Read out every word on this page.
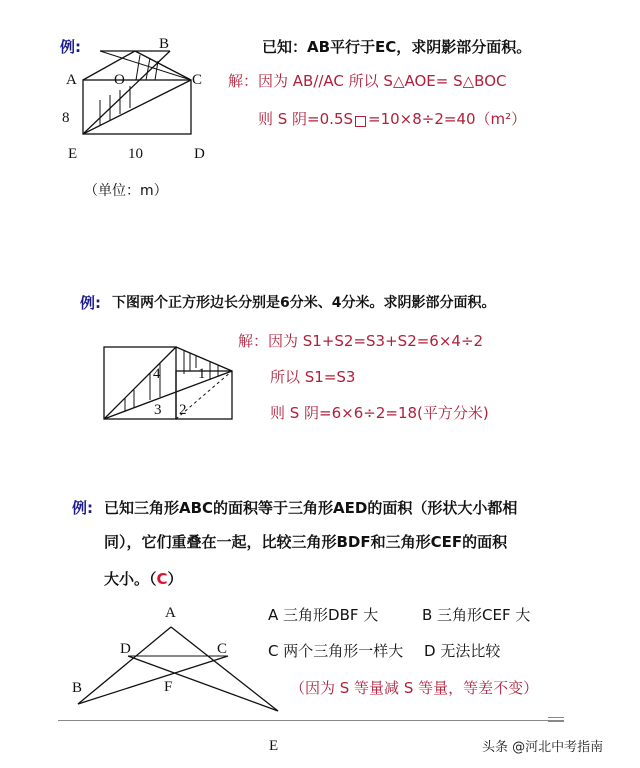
例:	已知：AB平行于EC，求阴影部分面积。
B
A O	C
8
E	10	D
（单位：m）
解：因为 AB//AC 所以 S△AOE= S△BOC
则 S 阴=0.5S =10×8÷2=40（m²）
例: 下图两个正方形边长分别是6分米、4分米。求阴影部分面积。
4	1
3 2
解：因为 S1+S2=S3+S2=6×4÷2
所以 S1=S3
则 S 阴=6×6÷2=18(平方分米)
例: 已知三角形ABC的面积等于三角形AED的面积（形状大小都相
同），它们重叠在一起，比较三角形BDF和三角形CEF的面积
大小。（C）
A
D	C
B	F
E
A 三角形DBF 大	B 三角形CEF 大
C 两个三角形一样大 D 无法比较
（因为 S 等量减 S 等量，等差不变）
头条 @河北中考指南
